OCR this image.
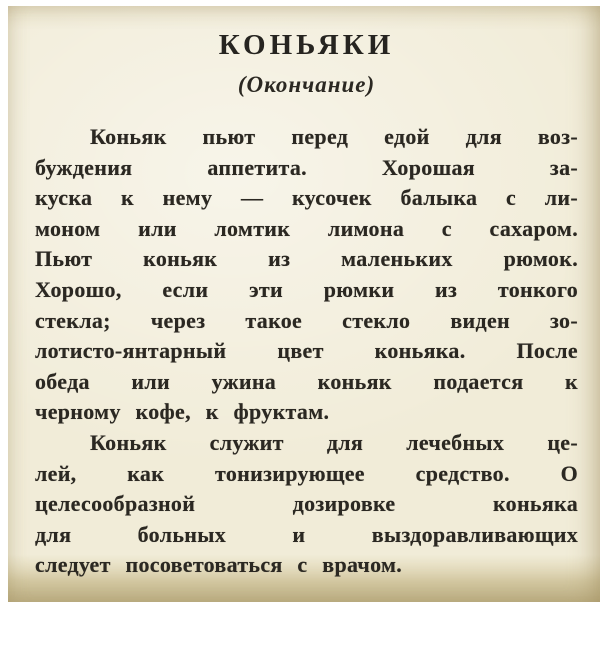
КОНЬЯКИ
(Окончание)
Коньяк пьют перед едой для воз-
буждения аппетита. Хорошая за-
куска к нему — кусочек балыка с ли-
моном или ломтик лимона с сахаром.
Пьют коньяк из маленьких рюмок.
Хорошо, если эти рюмки из тонкого
стекла; через такое стекло виден зо-
лотисто-янтарный цвет коньяка. После
обеда или ужина коньяк подается к
черному кофе, к фруктам.
Коньяк служит для лечебных це-
лей, как тонизирующее средство. О
целесообразной дозировке коньяка
для больных и выздоравливающих
следует посоветоваться с врачом.
